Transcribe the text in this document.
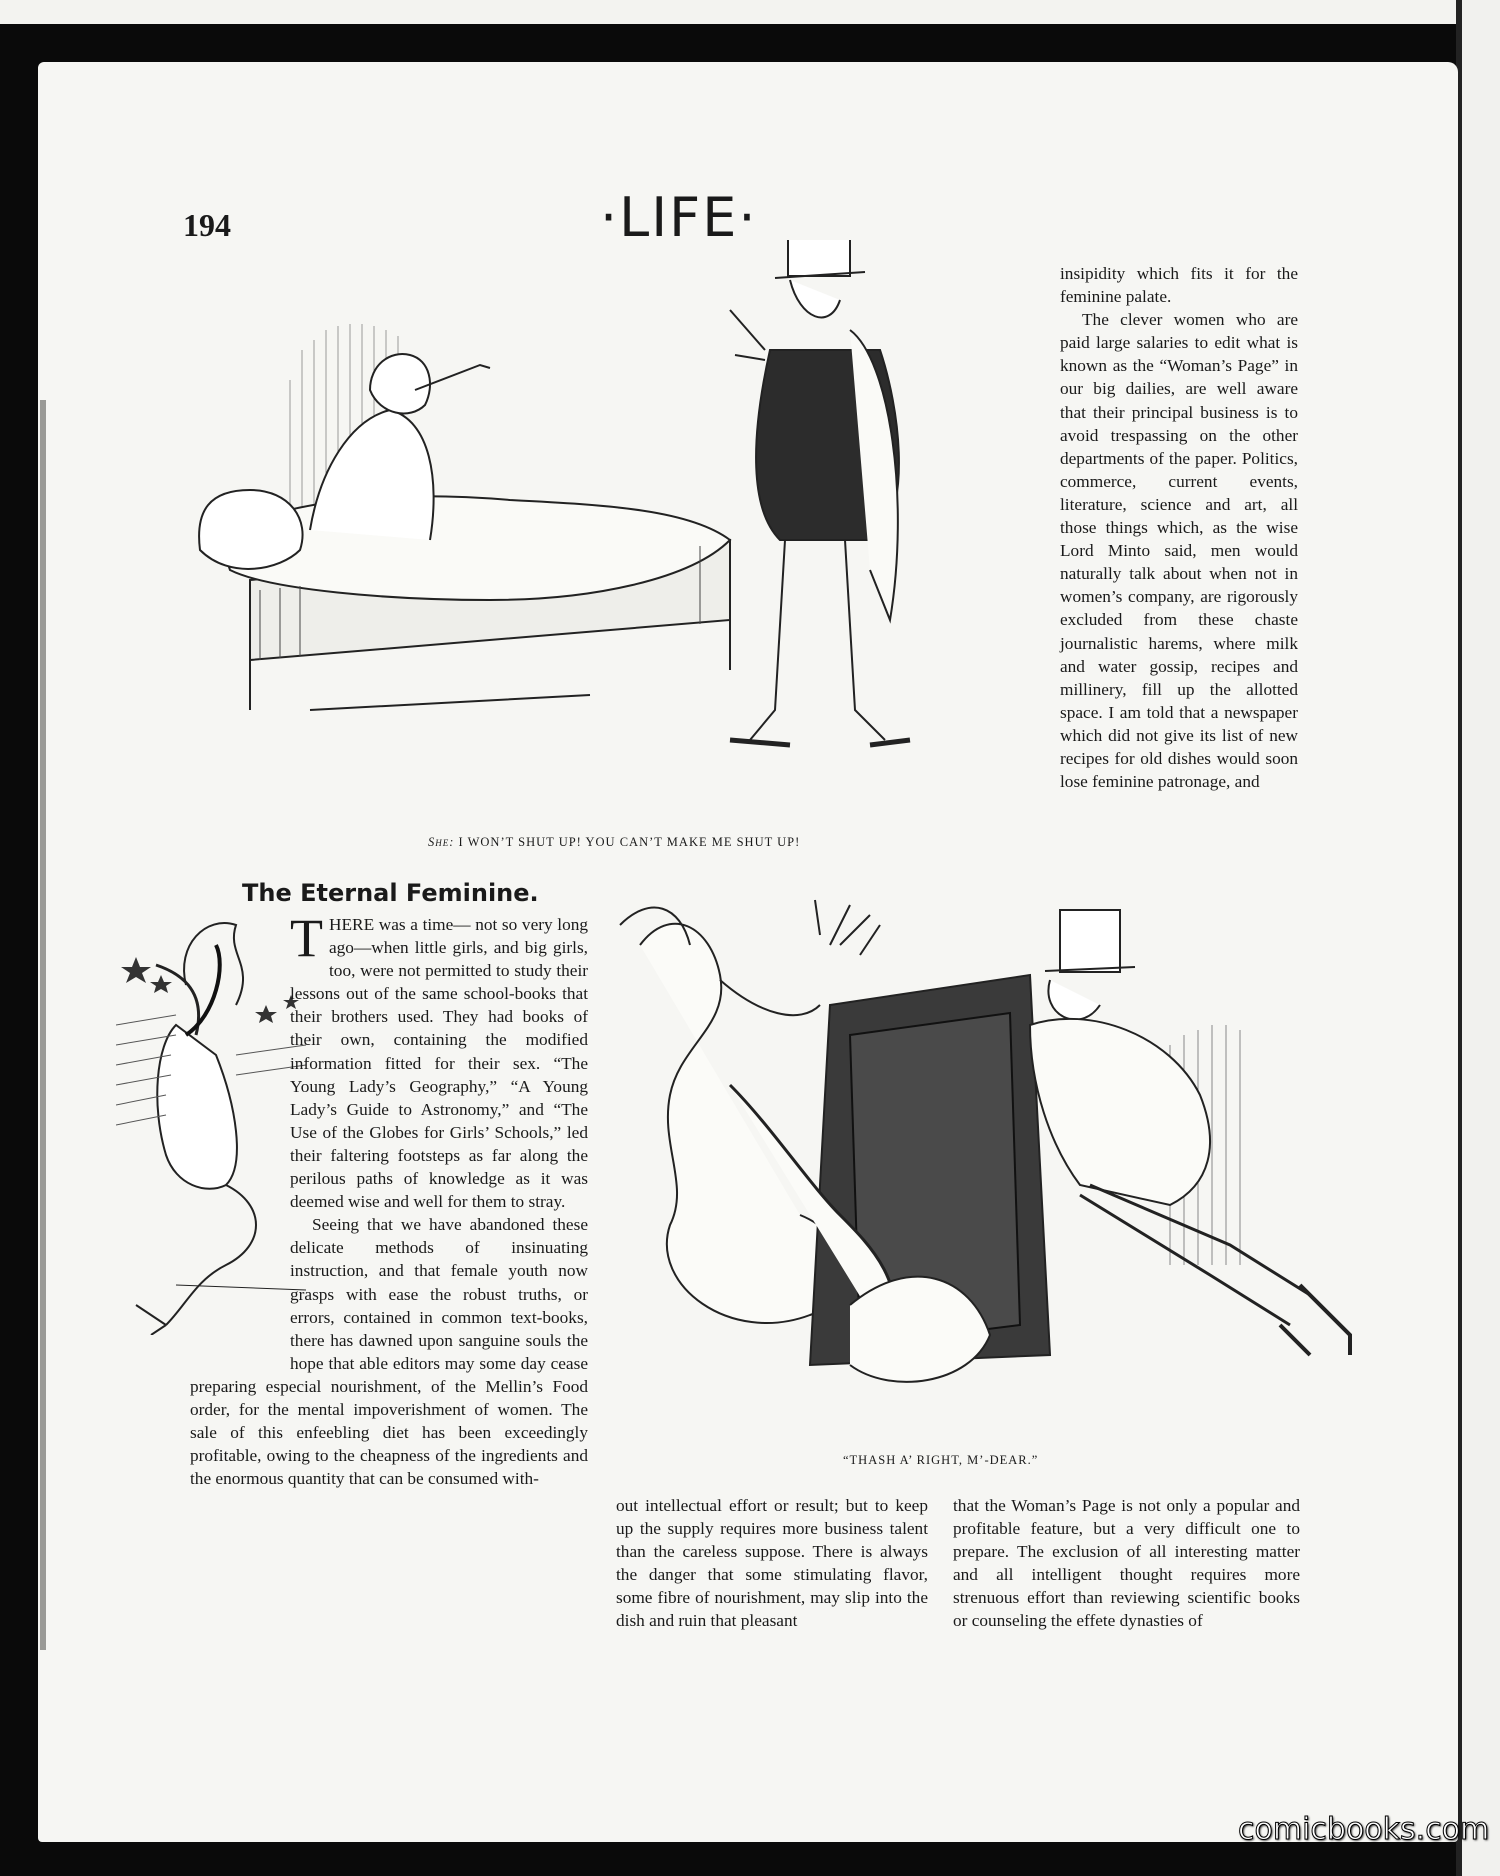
194	·LIFE·
She: I WON’T SHUT UP! YOU CAN’T MAKE ME SHUT UP!
The Eternal Feminine.

THERE was a time— not so very long ago—when little girls, and big girls, too, were not permitted to study their lessons out of the same school-books that their brothers used. They had books of their own, containing the modified information fitted for their sex. “The Young Lady’s Geography,” “A Young Lady’s Guide to Astronomy,” and “The Use of the Globes for Girls’ Schools,” led their faltering footsteps as far along the perilous paths of knowledge as it was deemed wise and well for them to stray.

Seeing that we have abandoned these delicate methods of insinuating instruction, and that female youth now grasps with ease the robust truths, or errors, contained in common text-books, there has dawned upon sanguine souls the hope that able editors may some day cease preparing especial nourishment, of the Mellin’s Food order, for the mental impoverishment of women. The sale of this enfeebling diet has been exceedingly profitable, owing to the cheapness of the ingredients and the enormous quantity that can be consumed with-

insipidity which fits it for the feminine palate.

The clever women who are paid large salaries to edit what is known as the “Woman’s Page” in our big dailies, are well aware that their principal business is to avoid trespassing on the other departments of the paper. Politics, commerce, current events, literature, science and art, all those things which, as the wise Lord Minto said, men would naturally talk about when not in women’s company, are rigorously excluded from these chaste journalistic harems, where milk and water gossip, recipes and millinery, fill up the allotted space. I am told that a newspaper which did not give its list of new recipes for old dishes would soon lose feminine patronage, and

“THASH A’ RIGHT, M’-DEAR.”
out intellectual effort or result; but to keep up the supply requires more business talent than the careless suppose. There is always the danger that some stimulating flavor, some fibre of nourishment, may slip into the dish and ruin that pleasant
that the Woman’s Page is not only a popular and profitable feature, but a very difficult one to prepare. The exclusion of all interesting matter and all intelligent thought requires more strenuous effort than reviewing scientific books or counseling the effete dynasties of
comicbooks.com
